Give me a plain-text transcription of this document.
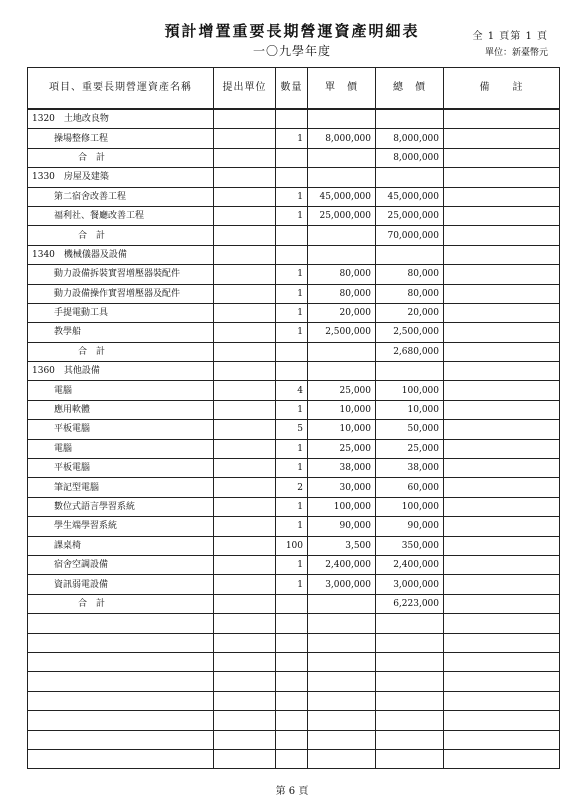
預計增置重要長期營運資產明細表
一〇九學年度
全 1 頁第 1 頁
單位：新臺幣元
項目、重要長期營運資產名稱	提出單位	數量	單　價	總　價	備　　註
1320　土地改良物					
操場整修工程		1	8,000,000	8,000,000	
合計				8,000,000	
1330　房屋及建築					
第二宿舍改善工程		1	45,000,000	45,000,000	
福利社、餐廳改善工程		1	25,000,000	25,000,000	
合計				70,000,000	
1340　機械儀器及設備					
動力設備拆裝實習增壓器裝配件		1	80,000	80,000	
動力設備操作實習增壓器及配件		1	80,000	80,000	
手提電動工具		1	20,000	20,000	
教學船		1	2,500,000	2,500,000	
合計				2,680,000	
1360　其他設備					
電腦		4	25,000	100,000	
應用軟體		1	10,000	10,000	
平板電腦		5	10,000	50,000	
電腦		1	25,000	25,000	
平板電腦		1	38,000	38,000	
筆記型電腦		2	30,000	60,000	
數位式語言學習系統		1	100,000	100,000	
學生端學習系統		1	90,000	90,000	
課桌椅		100	3,500	350,000	
宿舍空調設備		1	2,400,000	2,400,000	
資訊弱電設備		1	3,000,000	3,000,000	
合計				6,223,000	

第 6 頁
